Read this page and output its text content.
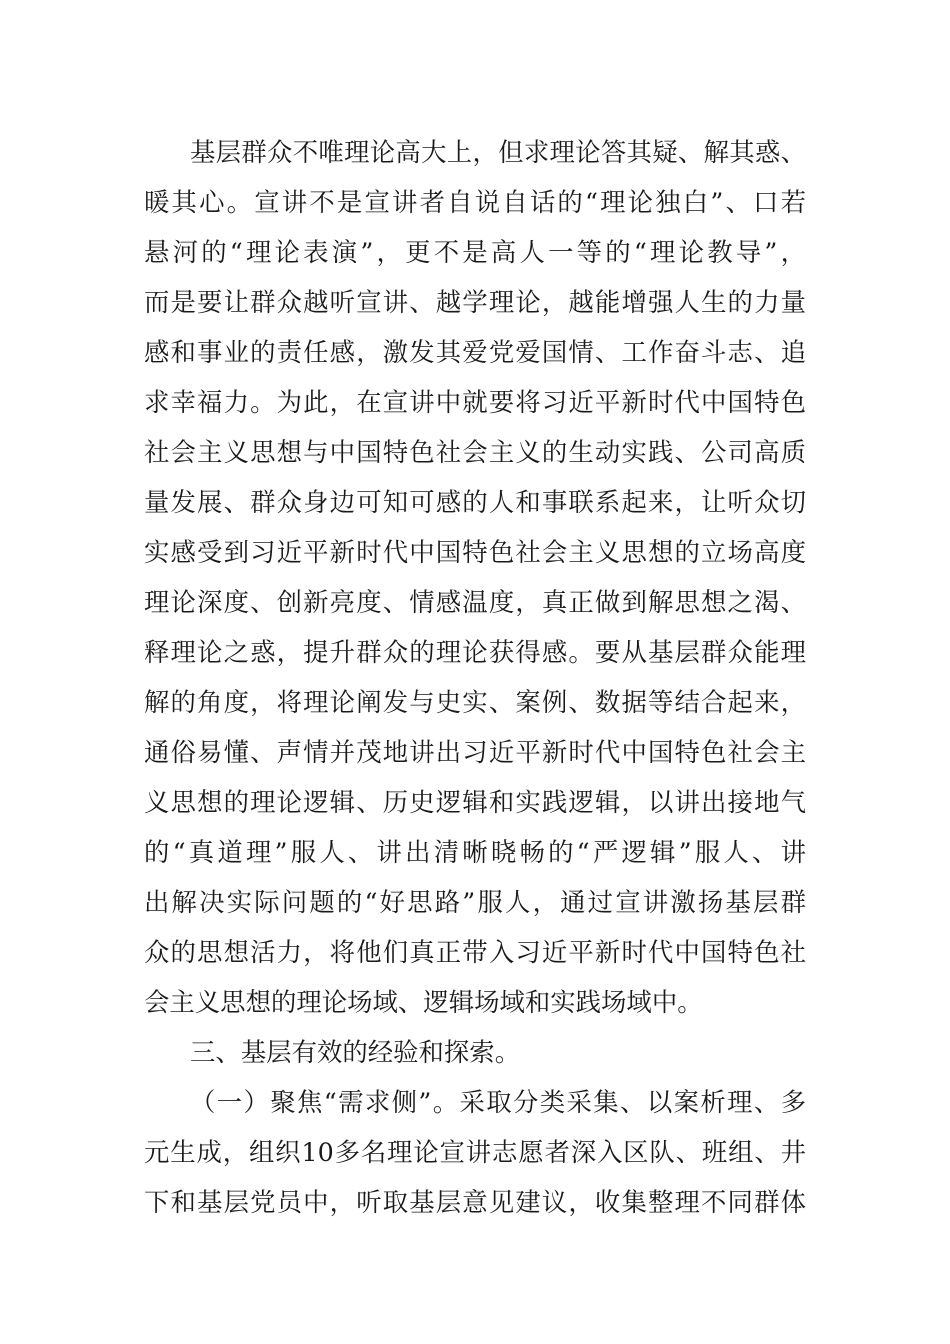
基层群众不唯理论高大上，但求理论答其疑、解其惑、
暖其心。宣讲不是宣讲者自说自话的“理论独白”、口若
悬河的“理论表演”，更不是高人一等的“理论教导”，
而是要让群众越听宣讲、越学理论，越能增强人生的力量
感和事业的责任感，激发其爱党爱国情、工作奋斗志、追
求幸福力。为此，在宣讲中就要将习近平新时代中国特色
社会主义思想与中国特色社会主义的生动实践、公司高质
量发展、群众身边可知可感的人和事联系起来，让听众切
实感受到习近平新时代中国特色社会主义思想的立场高度
理论深度、创新亮度、情感温度，真正做到解思想之渴、
释理论之惑，提升群众的理论获得感。要从基层群众能理
解的角度，将理论阐发与史实、案例、数据等结合起来，
通俗易懂、声情并茂地讲出习近平新时代中国特色社会主
义思想的理论逻辑、历史逻辑和实践逻辑，以讲出接地气
的“真道理”服人、讲出清晰晓畅的“严逻辑”服人、讲
出解决实际问题的“好思路”服人，通过宣讲激扬基层群
众的思想活力，将他们真正带入习近平新时代中国特色社
会主义思想的理论场域、逻辑场域和实践场域中。
三、基层有效的经验和探索。
（一）聚焦“需求侧”。采取分类采集、以案析理、多
元生成，组织10多名理论宣讲志愿者深入区队、班组、井
下和基层党员中，听取基层意见建议，收集整理不同群体
